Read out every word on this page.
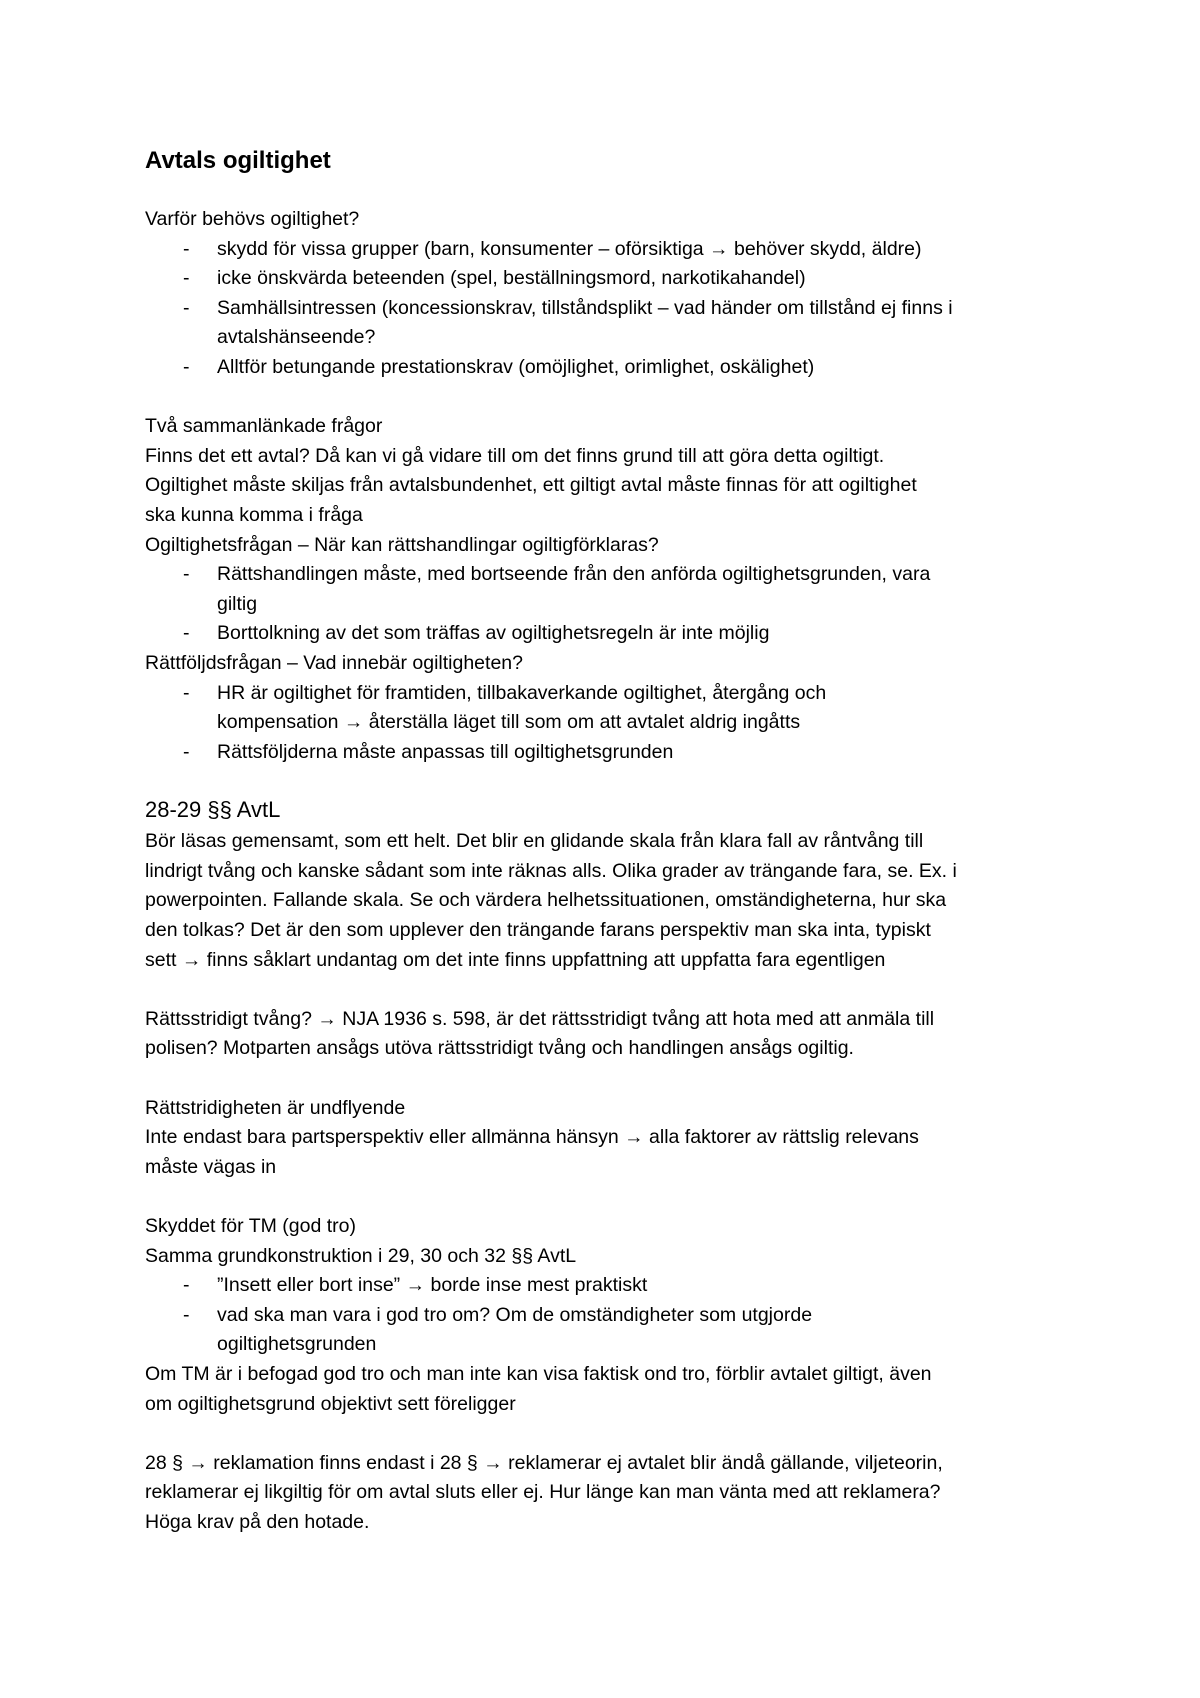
Avtals ogiltighet
Varför behövs ogiltighet?
- skydd för vissa grupper (barn, konsumenter – oförsiktiga → behöver skydd, äldre)
- icke önskvärda beteenden (spel, beställningsmord, narkotikahandel)
- Samhällsintressen (koncessionskrav, tillståndsplikt – vad händer om tillstånd ej finns i
avtalshänseende?
- Alltför betungande prestationskrav (omöjlighet, orimlighet, oskälighet)
Två sammanlänkade frågor
Finns det ett avtal? Då kan vi gå vidare till om det finns grund till att göra detta ogiltigt.
Ogiltighet måste skiljas från avtalsbundenhet, ett giltigt avtal måste finnas för att ogiltighet
ska kunna komma i fråga
Ogiltighetsfrågan – När kan rättshandlingar ogiltigförklaras?
- Rättshandlingen måste, med bortseende från den anförda ogiltighetsgrunden, vara
giltig
- Borttolkning av det som träffas av ogiltighetsregeln är inte möjlig
Rättföljdsfrågan – Vad innebär ogiltigheten?
- HR är ogiltighet för framtiden, tillbakaverkande ogiltighet, återgång och
kompensation → återställa läget till som om att avtalet aldrig ingåtts
- Rättsföljderna måste anpassas till ogiltighetsgrunden
28-29 §§ AvtL
Bör läsas gemensamt, som ett helt. Det blir en glidande skala från klara fall av råntvång till
lindrigt tvång och kanske sådant som inte räknas alls. Olika grader av trängande fara, se. Ex. i
powerpointen. Fallande skala. Se och värdera helhetssituationen, omständigheterna, hur ska
den tolkas? Det är den som upplever den trängande farans perspektiv man ska inta, typiskt
sett → finns såklart undantag om det inte finns uppfattning att uppfatta fara egentligen
Rättsstridigt tvång? → NJA 1936 s. 598, är det rättsstridigt tvång att hota med att anmäla till
polisen? Motparten ansågs utöva rättsstridigt tvång och handlingen ansågs ogiltig.
Rättstridigheten är undflyende
Inte endast bara partsperspektiv eller allmänna hänsyn → alla faktorer av rättslig relevans
måste vägas in
Skyddet för TM (god tro)
Samma grundkonstruktion i 29, 30 och 32 §§ AvtL
- ”Insett eller bort inse” → borde inse mest praktiskt
- vad ska man vara i god tro om? Om de omständigheter som utgjorde
ogiltighetsgrunden
Om TM är i befogad god tro och man inte kan visa faktisk ond tro, förblir avtalet giltigt, även
om ogiltighetsgrund objektivt sett föreligger
28 § → reklamation finns endast i 28 § → reklamerar ej avtalet blir ändå gällande, viljeteorin,
reklamerar ej likgiltig för om avtal sluts eller ej. Hur länge kan man vänta med att reklamera?
Höga krav på den hotade.
